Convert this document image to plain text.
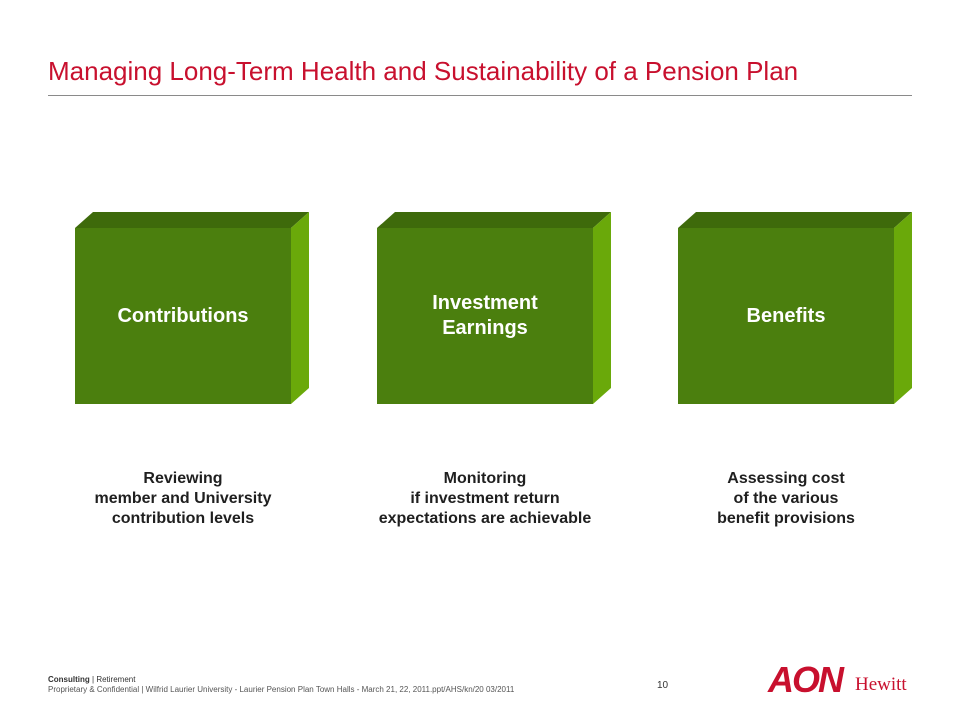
Managing Long-Term Health and Sustainability of a Pension Plan
Contributions
Investment
Earnings
Benefits
Reviewing
member and University
contribution levels
Monitoring
if investment return
expectations are achievable
Assessing cost
of the various
benefit provisions
Consulting | Retirement
Proprietary & Confidential | Wilfrid Laurier University - Laurier Pension Plan Town Halls - March 21, 22, 2011.ppt/AHS/kn/20 03/2011	10	AON Hewitt
